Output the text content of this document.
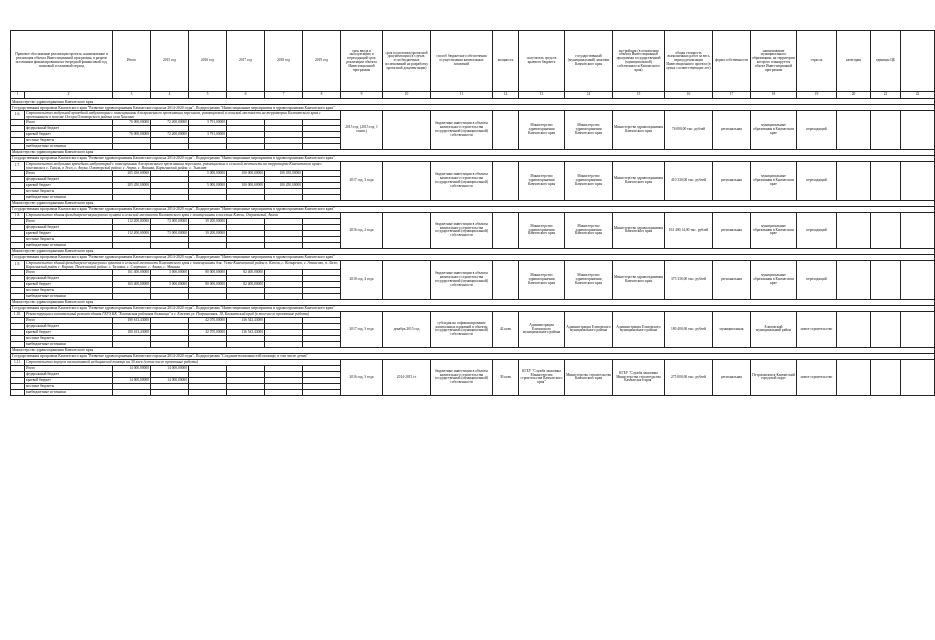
Правовое обоснование реализации проекта, наименование и реализация объекта Инвестиционной программы, в разрезе источников финансирования на очередной финансовый год, плановый и плановый период		Итого	2015 год	2016 год	2017 год	2018 год	2019 год	срок ввода в эксплуатацию и переходящий срок реализации объекта Инвестиционной программы	срок подготовки проектной документации (в случае, если бюджетных ассигнований на разработку проектной документации)	способ бюджетного обеспечения осуществления капитальных вложений	мощность	получатель средств краевого бюджета	государственный (муниципальный) заказчик Камчатского края	застройщик (в отношении объекта Инвестиционной программы государственной (муниципальной) собственности Камчатского края)	общая стоимость выполненных работ за весь период реализации Инвестиционного проекта (в ценах соответствующих лет)	форма собственности	наименование муниципального образования, на территории которого планируется объект Инвестиционной программы	отрасль	категория	единицы ЦБ	
1	2	3	4	5	6	7	8	9	10	11	12	13	14	15	16	17	18	19	20	21	22
Министерство здравоохранения Камчатского края																					
Государственная программа Камчатского края "Развитие здравоохранения Камчатского края на 2014-2020 годы", Подпрограмма "Инвестиционные мероприятия в здравоохранении Камчатского края"																					
1.6.	Строительство модульной врачебной амбулатории с помещениями для временного проживания персонала, размещаемой в сельской местности на территории Камчатского края с проживанием в поселке Оссора Олюторского района села Хаилино							2015 год, (2015 год, 1 основ.)		бюджетные инвестиции в объекты капитального строительства государственной (муниципальной) собственности		Министерство здравоохранения Камчатского края	Министерство здравоохранения Камчатского края	Министерство здравоохранения Камчатского края	76 000,00 тыс. рублей	региональная	муниципальные образования в Камчатском крае	переходящий			
	Итого	76 000,00000	72 200,00000	3 791,00000																	
	федеральный бюджет																				
	краевой бюджет	76 000,00000	72 200,00000	3 791,00000																	
	местные бюджеты																				
	внебюджетные источники																				
Министерство здравоохранения Камчатского края																					
Государственная программа Камчатского края "Развитие здравоохранения Камчатского края на 2014-2020 годы", Подпрограмма "Инвестиционные мероприятия в здравоохранении Камчатского края"																					
1.7.	Строительство модульных врачебных амбулаторий с помещениями для временного проживания персонала, размещаемых в сельской местности на территории Камчатского края с поселками в с. Тигиль, в Эссо, с. Апука, Олюторский район: с. Апука, с. Ивашка, Карагинский район: с. Тымлат							2017 год, 3 года		бюджетные инвестиции в объекты капитального строительства государственной (муниципальной) собственности		Министерство здравоохранения Камчатского края	Министерство здравоохранения Камчатского края	Министерство здравоохранения Камчатского края	410 330,00 тыс. рублей	региональная	муниципальные образования в Камчатском крае	переходящий			
	Итого	205 450,00000		5 000,00000	100 000,00000	100 450,00000															
	федеральный бюджет																				
	краевой бюджет	205 450,00000		5 000,00000	100 000,00000	100 450,00000															
	местные бюджеты																				
	внебюджетные источники																				
Министерство здравоохранения Камчатского края																					
Государственная программа Камчатского края "Развитие здравоохранения Камчатского края на 2014-2020 годы", Подпрограмма "Инвестиционные мероприятия в здравоохранении Камчатского края"																					
1.8.	Строительство здания фельдшерско-акушерского пункта в сельской местности Камчатского края с помещениями в поселках Ключи, Озерновский, Апача							2016 год, 2 года		бюджетные инвестиции в объекты капитального строительства государственной (муниципальной) собственности		Министерство здравоохранения Камчатского края	Министерство здравоохранения Камчатского края	Министерство здравоохранения Камчатского края	163 400,14,00 тыс. рублей	региональная	муниципальные образования в Камчатском крае	переходящий			
	Итого	112 200,00000	73 000,00000	39 200,00000																	
	федеральный бюджет																				
	краевой бюджет	112 200,00000	73 000,00000	39 200,00000																	
	местные бюджеты																				
	внебюджетные источники																				
Министерство здравоохранения Камчатского края																					
Государственная программа Камчатского края "Развитие здравоохранения Камчатского края на 2014-2020 годы", Подпрограмма "Инвестиционные мероприятия в здравоохранении Камчатского края"																					
1.9.	Строительство зданий фельдшерско-акушерских пунктов в сельской местности Камчатского края с помещениями для: Усть-Камчатский район п. Ключи, с. Козыревск, с. Атласово, п. Лазо; Карагинский район с. Карага, Пенжинский район: с. Таловка, с. Слаутное, с. Аянка, с. Манилы							2018 год, 4 года		бюджетные инвестиции в объекты капитального строительства государственной (муниципальной) собственности		Министерство здравоохранения Камчатского края	Министерство здравоохранения Камчатского края	Министерство здравоохранения Камчатского края	375 330,00 тыс. рублей	региональная	муниципальные образования в Камчатском крае	переходящий			
	Итого	161 400,00000	3 000,00000	80 000,00000	82 400,00000																
	федеральный бюджет																				
	краевой бюджет	165 400,00000	3 000,00000	80 000,00000	82 400,00000																
	местные бюджеты																				
	внебюджетные источники																				
Министерство здравоохранения Камчатского края																					
Государственная программа Камчатского края "Развитие здравоохранения Камчатского края на 2014-2020 годы", Подпрограмма "Инвестиционные мероприятия в здравоохранении Камчатского края"																					
1.10.	Реконструкция и капитальный ремонт здания ГБУЗ КК "Елизовская районная больница" в г. Елизово ул. Пограничная, 18, Камчатский край (в том числе проектные работы)							2017 год, 3 года	декабрь 2015 год	субсидия на софинансирование капитальных вложений в объекты государственной (муниципальной) собственности	42 коек	Администрация Елизовского муниципального района	Администрация Елизовского муниципального района	Администрация Елизовского муниципального района	180 400,00 тыс. рублей	муниципальная	Елизовский муниципальный район	новое строительство			
	Итого	180 613,43000		42 070,00000	136 543,43000																
	федеральный бюджет																				
	краевой бюджет	180 613,43000		42 070,00000	136 543,43000																
	местные бюджеты																				
	внебюджетные источники																				
Министерство здравоохранения Камчатского края																					
Государственная программа Камчатского края "Развитие здравоохранения Камчатского края на 2014-2020 годы", Подпрограмма "Создание возможностей помощи, в том числе детям"																					
1.11.	Строительство корпуса паллиативной медицинской помощи на 30 коек (в том числе проектные работы)							2016 год, 3 года	2014-2015 гг	бюджетные инвестиции в объекты капитального строительства государственной (муниципальной) собственности	30 коек	КГБУ "Служба заказчика Министерства строительства Камчатского края"	Министерство строительства Камчатского края	КГБУ "Служба заказчика Министерства строительства Камчатского края"	275 000,00 тыс. рублей	региональная	Петропавловск-Камчатский городской округ	новое строительство			
	Итого	14 000,00000	14 000,00000																		
	федеральный бюджет																				
	краевой бюджет	14 000,00000	14 000,00000																		
	местные бюджеты																				
	внебюджетные источники																				
